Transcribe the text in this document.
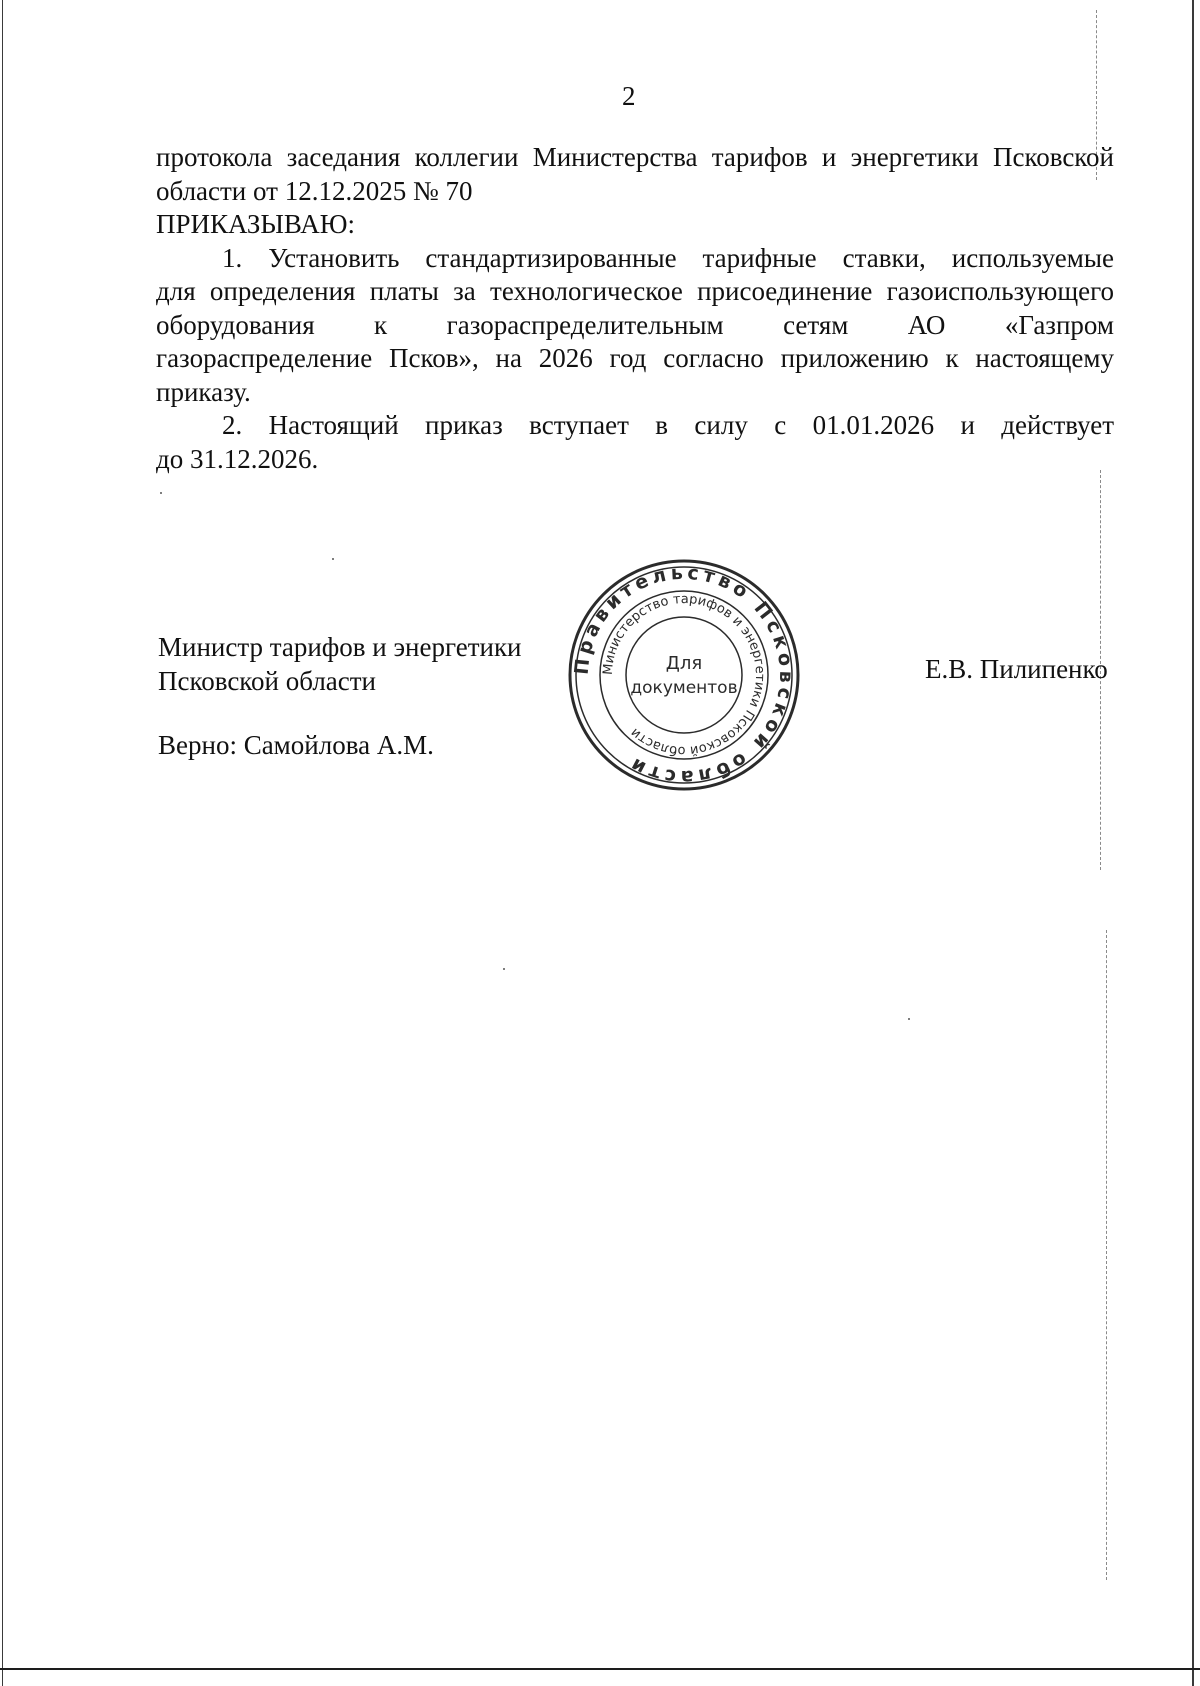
2

протокола заседания коллегии Министерства тарифов и энергетики Псковской

области от 12.12.2025 № 70

ПРИКАЗЫВАЮ:

1. Установить стандартизированные тарифные ставки, используемые

для определения платы за технологическое присоединение газоиспользующего

оборудования к газораспределительным сетям АО «Газпром

газораспределение Псков», на 2026 год согласно приложению к настоящему

приказу.

2. Настоящий приказ вступает в силу с 01.01.2026 и действует

до 31.12.2026.

Министр тарифов и энергетики

Псковской области

Верно: Самойлова А.М.
Е.В. Пилипенко
Правительство Псковской области
Министерство тарифов и энергетики Псковской области
Для
документов
